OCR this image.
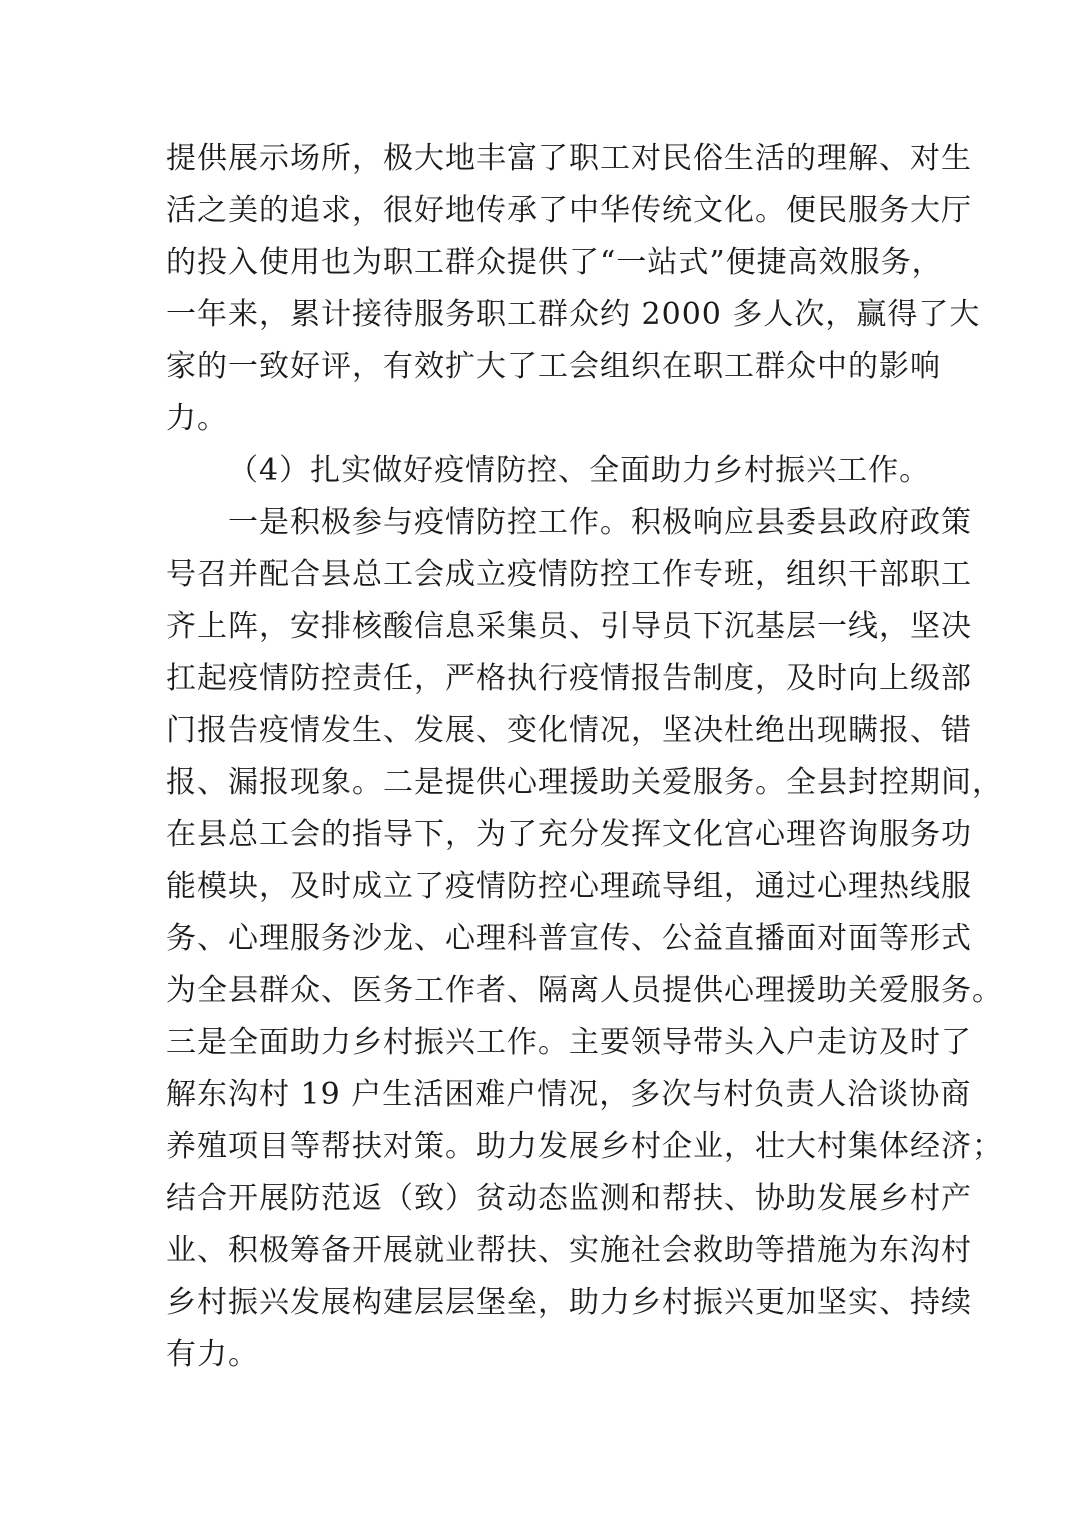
提供展示场所，极大地丰富了职工对民俗生活的理解、对生
活之美的追求，很好地传承了中华传统文化。便民服务大厅
的投入使用也为职工群众提供了“一站式”便捷高效服务，
一年来，累计接待服务职工群众约 2000 多人次，赢得了大
家的一致好评，有效扩大了工会组织在职工群众中的影响
力。
（4）扎实做好疫情防控、全面助力乡村振兴工作。
一是积极参与疫情防控工作。积极响应县委县政府政策
号召并配合县总工会成立疫情防控工作专班，组织干部职工
齐上阵，安排核酸信息采集员、引导员下沉基层一线，坚决
扛起疫情防控责任，严格执行疫情报告制度，及时向上级部
门报告疫情发生、发展、变化情况，坚决杜绝出现瞒报、错
报、漏报现象。二是提供心理援助关爱服务。全县封控期间，
在县总工会的指导下，为了充分发挥文化宫心理咨询服务功
能模块，及时成立了疫情防控心理疏导组，通过心理热线服
务、心理服务沙龙、心理科普宣传、公益直播面对面等形式
为全县群众、医务工作者、隔离人员提供心理援助关爱服务。
三是全面助力乡村振兴工作。主要领导带头入户走访及时了
解东沟村 19 户生活困难户情况，多次与村负责人洽谈协商
养殖项目等帮扶对策。助力发展乡村企业，壮大村集体经济；
结合开展防范返（致）贫动态监测和帮扶、协助发展乡村产
业、积极筹备开展就业帮扶、实施社会救助等措施为东沟村
乡村振兴发展构建层层堡垒，助力乡村振兴更加坚实、持续
有力。
